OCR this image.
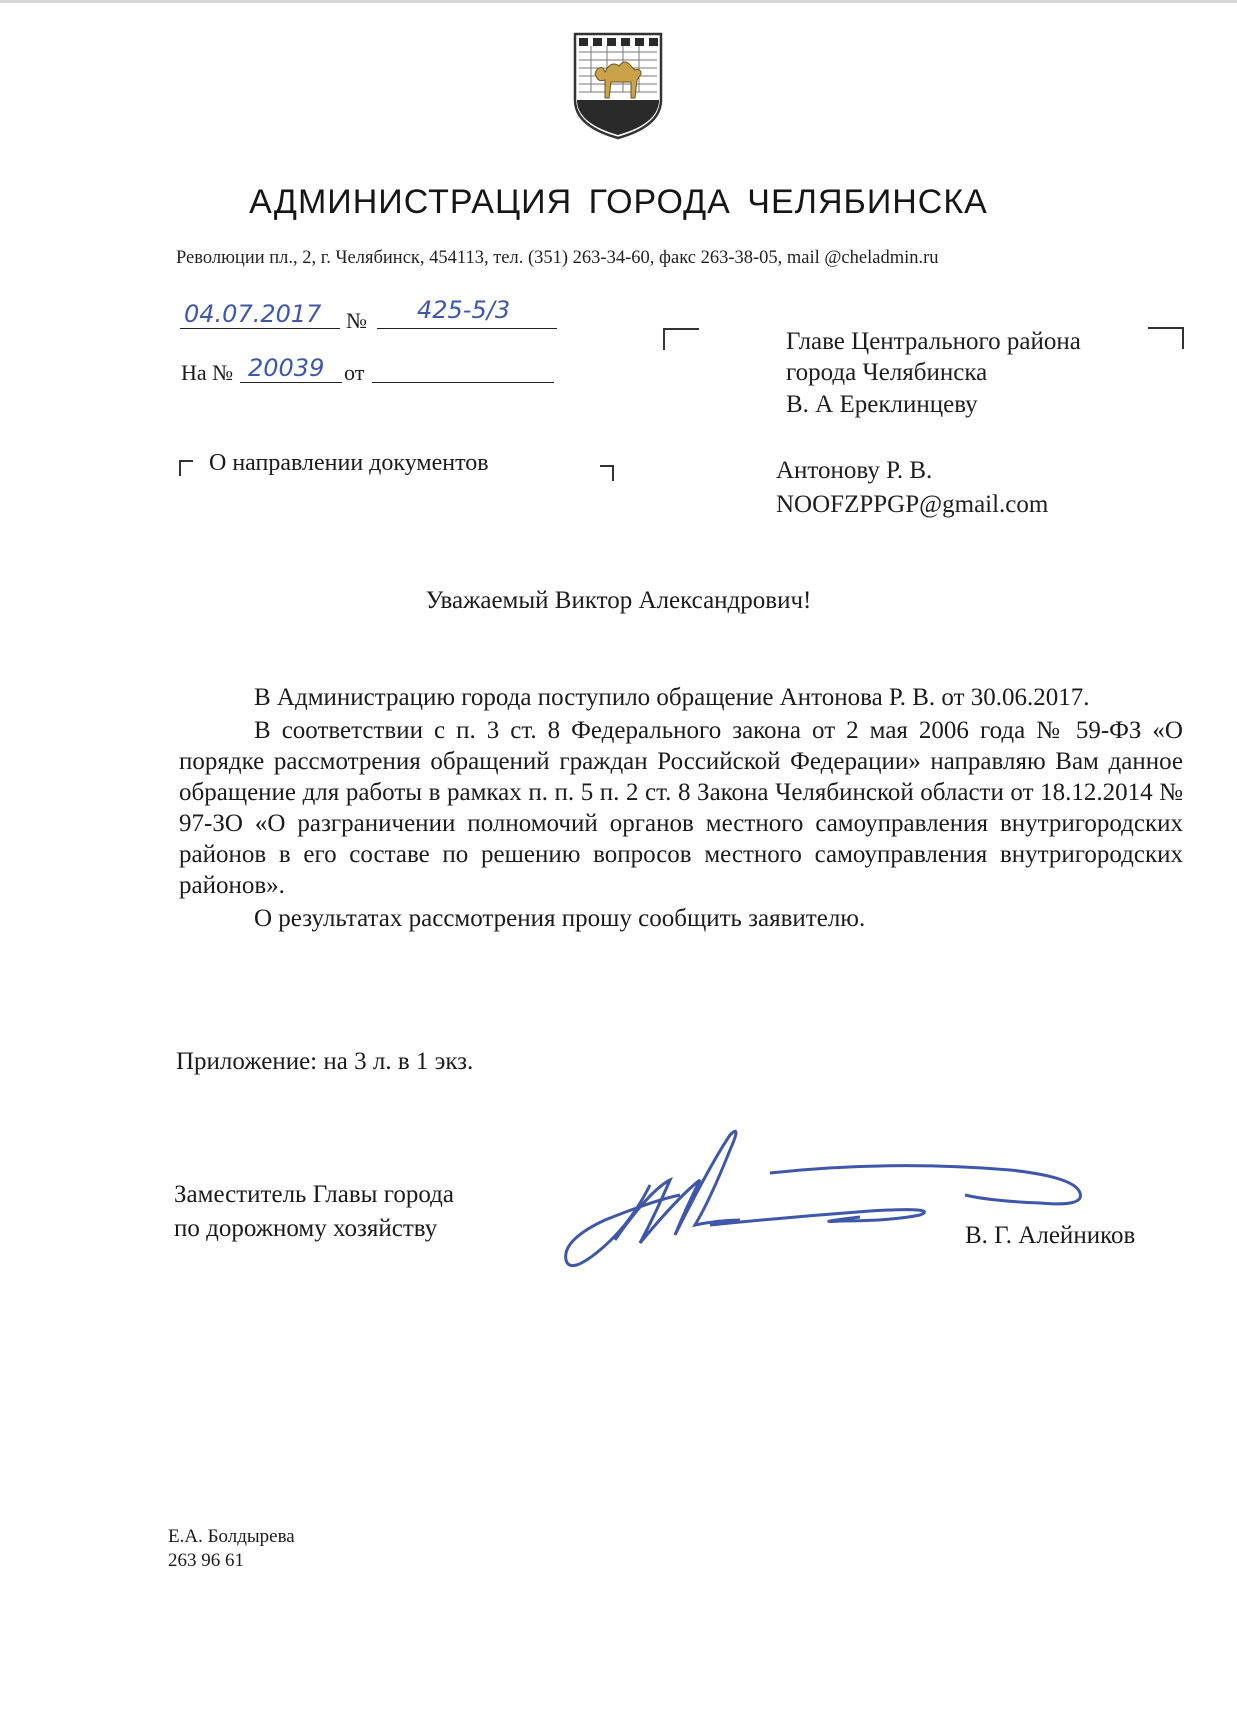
АДМИНИСТРАЦИЯ ГОРОДА ЧЕЛЯБИНСКА
Революции пл., 2, г. Челябинск, 454113, тел. (351) 263-34-60, факс 263-38-05, mail @cheladmin.ru
04.07.2017 № 425-5/3
На № 20039 от
О направлении документов
Главе Центрального района
города Челябинска
В. А Ереклинцеву
Антонову Р. В.
NOOFZPPGP@gmail.com
Уважаемый Виктор Александрович!

В Администрацию города поступило обращение Антонова Р. В. от 30.06.2017.

В соответствии с п. 3 ст. 8 Федерального закона от 2 мая 2006 года № 59-ФЗ «О порядке рассмотрения обращений граждан Российской Федерации» направляю Вам данное обращение для работы в рамках п. п. 5 п. 2 ст. 8 Закона Челябинской области от 18.12.2014 № 97-ЗО «О разграничении полномочий органов местного самоуправления внутригородских районов в его составе по решению вопросов местного самоуправления внутригородских районов».

О результатах рассмотрения прошу сообщить заявителю.

Приложение: на 3 л. в 1 экз.
Заместитель Главы города
по дорожному хозяйству	В. Г. Алейников
Е.А. Болдырева
263 96 61
